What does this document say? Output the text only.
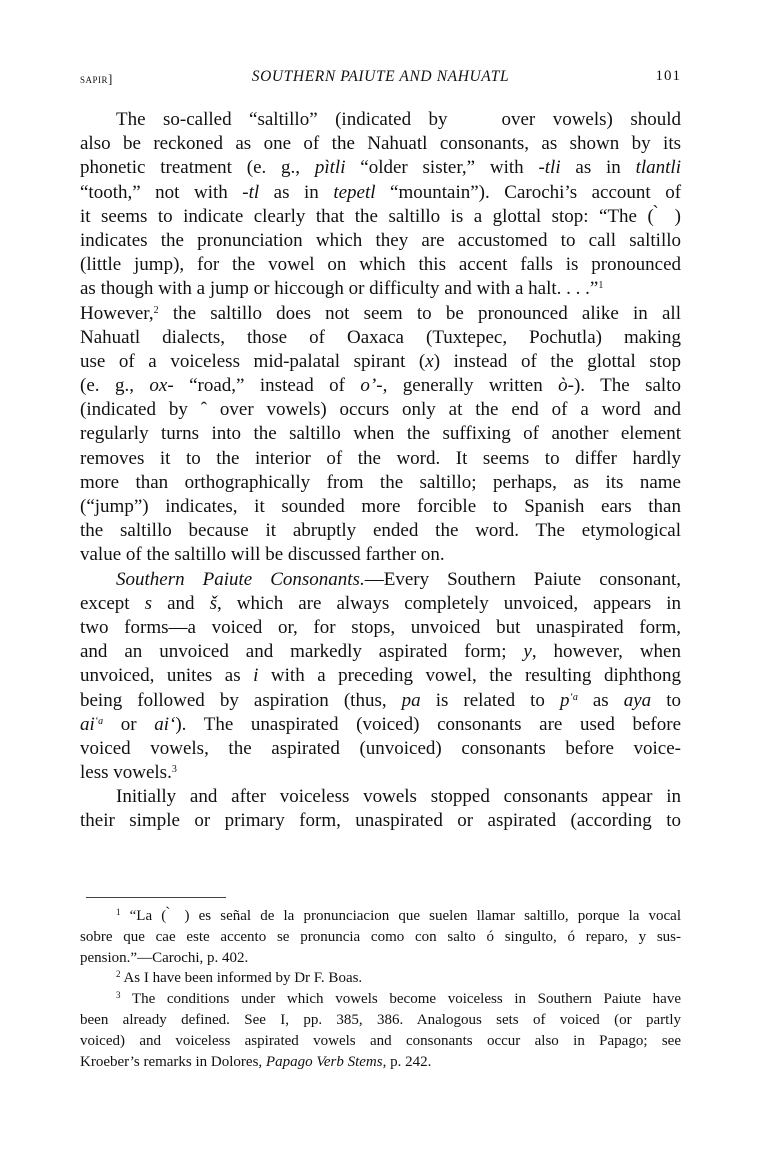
sapir]	SOUTHERN PAIUTE AND NAHUATL	101
The so-called “saltillo” (indicated by   over vowels) should
also be reckoned as one of the Nahuatl consonants, as shown by its
phonetic treatment (e. g., pìtli “older sister,” with -tli as in tlantli
“tooth,” not with -tl as in tepetl “mountain”). Carochi’s account of
it seems to indicate clearly that the saltillo is a glottal stop: “The ( ̀ )
indicates the pronunciation which they are accustomed to call saltillo
(little jump), for the vowel on which this accent falls is pronounced
as though with a jump or hiccough or difficulty and with a halt. . . .”$^1$
However,$^2$ the saltillo does not seem to be pronounced alike in all
Nahuatl dialects, those of Oaxaca (Tuxtepec, Pochutla) making
use of a voiceless mid-palatal spirant (x) instead of the glottal stop
(e. g., ox- “road,” instead of o’-, generally written ò-). The salto
(indicated by ˆ over vowels) occurs only at the end of a word and
regularly turns into the saltillo when the suffixing of another element
removes it to the interior of the word. It seems to differ hardly
more than orthographically from the saltillo; perhaps, as its name
(“jump”) indicates, it sounded more forcible to Spanish ears than
the saltillo because it abruptly ended the word. The etymological
value of the saltillo will be discussed farther on.
Southern Paiute Consonants.—Every Southern Paiute consonant,
except s and š, which are always completely unvoiced, appears in
two forms—a voiced or, for stops, unvoiced but unaspirated form,
and an unvoiced and markedly aspirated form; y, however, when
unvoiced, unites as i with a preceding vowel, the resulting diphthong
being followed by aspiration (thus, pa is related to $p^{ʻa}$ as aya to
$ai^{ʻa}$ or aiʻ). The unaspirated (voiced) consonants are used before
voiced vowels, the aspirated (unvoiced) consonants before voice-
less vowels.$^3$
Initially and after voiceless vowels stopped consonants appear in
their simple or primary form, unaspirated or aspirated (according to
$^1$ “La ( ̀ ) es señal de la pronunciacion que suelen llamar saltillo, porque la vocal
sobre que cae este accento se pronuncia como con salto ó singulto, ó reparo, y sus-
pension.”—Carochi, p. 402.
$^2$ As I have been informed by Dr F. Boas.
$^3$ The conditions under which vowels become voiceless in Southern Paiute have
been already defined. See I, pp. 385, 386. Analogous sets of voiced (or partly
voiced) and voiceless aspirated vowels and consonants occur also in Papago; see
Kroeber’s remarks in Dolores, Papago Verb Stems, p. 242.
